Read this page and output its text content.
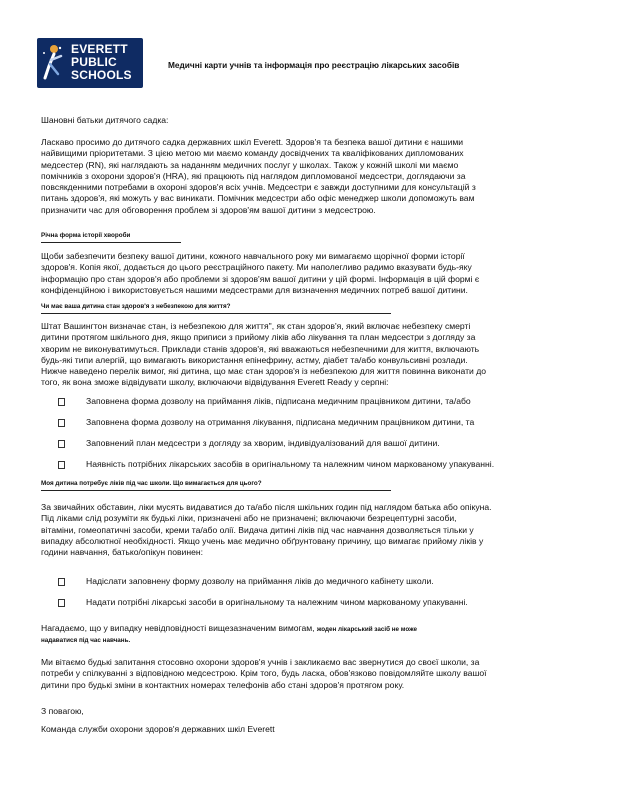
EVERETT
PUBLIC
SCHOOLS
Медичні карти учнів та інформація про реєстрацію лікарських засобів
Шановні батьки дитячого садка:

Ласкаво просимо до дитячого садка державних шкіл Everett. Здоров'я та безпека вашої дитини є нашими

найвищими пріоритетами. З цією метою ми маємо команду досвідчених та кваліфікованих дипломованих

медсестер (RN), які наглядають за наданням медичних послуг у школах. Також у кожній школі ми маємо

помічників з охорони здоров'я (HRA), які працюють під наглядом дипломованої медсестри, доглядаючи за

повсякденними потребами в охороні здоров'я всіх учнів. Медсестри є завжди доступними для консультацій з

питань здоров'я, які можуть у вас виникати. Помічник медсестри або офіс менеджер школи допоможуть вам

призначити час для обговорення проблем зі здоров'ям вашої дитини з медсестрою.

Річна форма історії хвороби

Щоби забезпечити безпеку вашої дитини, кожного навчального року ми вимагаємо щорічної форми історії

здоров'я. Копія якої, додається до цього реєстраційного пакету. Ми наполегливо радимо вказувати будь-яку

інформацію про стан здоров'я або проблеми зі здоров'ям вашої дитини у цій формі. Інформація в цій формі є

конфіденційною і використовується нашими медсестрами для визначення медичних потреб вашої дитини.

Чи має ваша дитина стан здоров'я з небезпекою для життя?

Штат Вашингтон визначає стан, із небезпекою для життя", як стан здоров'я, який включає небезпеку смерті

дитини протягом шкільного дня, якщо приписи з прийому ліків або лікування та план медсестри з догляду за

хворим не виконуватимуться. Приклади станів здоров'я, які вважаються небезпечними для життя, включають

будь-які типи алергій, що вимагають використання епінефрину, астму, діабет та/або конвульсивні розлади.

Нижче наведено перелік вимог, які дитина, що має стан здоров'я із небезпекою для життя повинна виконати до

того, як вона зможе відвідувати школу, включаючи відвідування Everett Ready у серпні:

Заповнена форма дозволу на приймання ліків, підписана медичним працівником дитини, та/або
Заповнена форма дозволу на отримання лікування, підписана медичним працівником дитини, та
Заповнений план медсестри з догляду за хворим, індивідуалізований для вашої дитини.
Наявність потрібних лікарських засобів в оригінальному та належним чином маркованому упакуванні.
Моя дитина потребує ліків під час школи. Що вимагається для цього?

За звичайних обставин, ліки мусять видаватися до та/або після шкільних годин під наглядом батька або опікуна.

Під ліками слід розуміти як будькі ліки, призначені або не призначені; включаючи безрецептурні засоби,

вітаміни, гомеопатичні засоби, креми та/або олії. Видача дитині ліків під час навчання дозволяється тільки у

випадку абсолютної необхідності. Якщо учень має медично обґрунтовану причину, що вимагає прийому ліків у

години навчання, батько/опікун повинен:

Надіслати заповнену форму дозволу на приймання ліків до медичного кабінету школи.
Надати потрібні лікарські засоби в оригінальному та належним чином маркованому упакуванні.

Нагадаємо, що у випадку невідповідності вищезазначеним вимогам, жоден лікарський засіб не може

надаватися під час навчань.

Ми вітаємо будькі запитання стосовно охорони здоров'я учнів і закликаємо вас звернутися до своєї школи, за

потреби у спілкуванні з відповідною медсестрою. Крім того, будь ласка, обов'язково повідомляйте школу вашої

дитини про будькі зміни в контактних номерах телефонів або стані здоров'я протягом року.

З повагою,
Команда служби охорони здоров'я державних шкіл Everett
